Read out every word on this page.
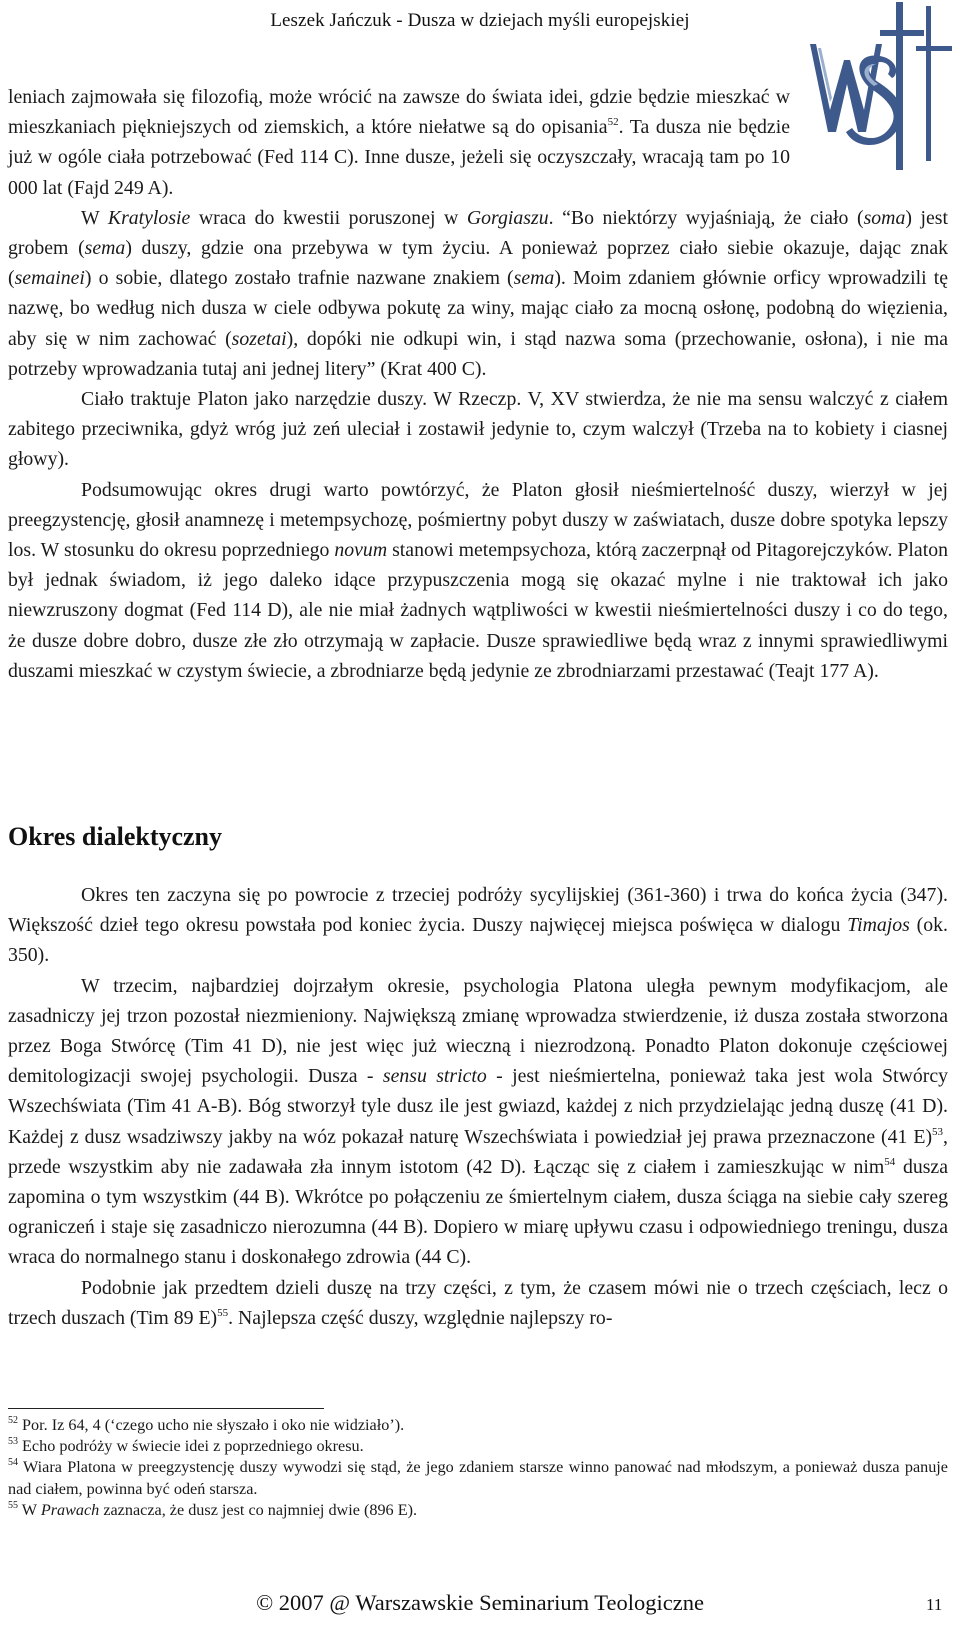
Leszek Jańczuk - Dusza w dziejach myśli europejskiej

leniach zajmowała się filozofią, może wrócić na zawsze do świata idei, gdzie będzie mieszkać w mieszkaniach piękniejszych od ziemskich, a które niełatwe są do opisania$^{52}$. Ta dusza nie będzie już w ogóle ciała potrzebować (Fed 114 C). Inne dusze, jeżeli się oczyszczały, wracają tam po 10 000 lat (Fajd 249 A).

W Kratylosie wraca do kwestii poruszonej w Gorgiaszu. “Bo niektórzy wyjaśniają, że ciało (soma) jest grobem (sema) duszy, gdzie ona przebywa w tym życiu. A ponieważ poprzez ciało siebie okazuje, dając znak (semainei) o sobie, dlatego zostało trafnie nazwane znakiem (sema). Moim zdaniem głównie orficy wprowadzili tę nazwę, bo według nich dusza w ciele odbywa pokutę za winy, mając ciało za mocną osłonę, podobną do więzienia, aby się w nim zachować (sozetai), dopóki nie odkupi win, i stąd nazwa soma (przechowanie, osłona), i nie ma potrzeby wprowadzania tutaj ani jednej litery” (Krat 400 C).

Ciało traktuje Platon jako narzędzie duszy. W Rzeczp. V, XV stwierdza, że nie ma sensu walczyć z ciałem zabitego przeciwnika, gdyż wróg już zeń uleciał i zostawił jedynie to, czym walczył (Trzeba na to kobiety i ciasnej głowy).

Podsumowując okres drugi warto powtórzyć, że Platon głosił nieśmiertelność duszy, wierzył w jej preegzystencję, głosił anamnezę i metempsychozę, pośmiertny pobyt duszy w zaświatach, dusze dobre spotyka lepszy los. W stosunku do okresu poprzedniego novum stanowi metempsychoza, którą zaczerpnął od Pitagorejczyków. Platon był jednak świadom, iż jego daleko idące przypuszczenia mogą się okazać mylne i nie traktował ich jako niewzruszony dogmat (Fed 114 D), ale nie miał żadnych wątpliwości w kwestii nieśmiertelności duszy i co do tego, że dusze dobre dobro, dusze złe zło otrzymają w zapłacie. Dusze sprawiedliwe będą wraz z innymi sprawiedliwymi duszami mieszkać w czystym świecie, a zbrodniarze będą jedynie ze zbrodniarzami przestawać (Teajt 177 A).

Okres dialektyczny

Okres ten zaczyna się po powrocie z trzeciej podróży sycylijskiej (361-360) i trwa do końca życia (347). Większość dzieł tego okresu powstała pod koniec życia. Duszy najwięcej miejsca poświęca w dialogu Timajos (ok. 350).

W trzecim, najbardziej dojrzałym okresie, psychologia Platona uległa pewnym modyfikacjom, ale zasadniczy jej trzon pozostał niezmieniony. Największą zmianę wprowadza stwierdzenie, iż dusza została stworzona przez Boga Stwórcę (Tim 41 D), nie jest więc już wieczną i niezrodzoną. Ponadto Platon dokonuje częściowej demitologizacji swojej psychologii. Dusza - sensu stricto - jest nieśmiertelna, ponieważ taka jest wola Stwórcy Wszechświata (Tim 41 A-B). Bóg stworzył tyle dusz ile jest gwiazd, każdej z nich przydzielając jedną duszę (41 D). Każdej z dusz wsadziwszy jakby na wóz pokazał naturę Wszechświata i powiedział jej prawa przeznaczone (41 E)$^{53}$, przede wszystkim aby nie zadawała zła innym istotom (42 D). Łącząc się z ciałem i zamieszkując w nim$^{54}$ dusza zapomina o tym wszystkim (44 B). Wkrótce po połączeniu ze śmiertelnym ciałem, dusza ściąga na siebie cały szereg ograniczeń i staje się zasadniczo nierozumna (44 B). Dopiero w miarę upływu czasu i odpowiedniego treningu, dusza wraca do normalnego stanu i doskonałego zdrowia (44 C).

Podobnie jak przedtem dzieli duszę na trzy części, z tym, że czasem mówi nie o trzech częściach, lecz o trzech duszach (Tim 89 E)$^{55}$. Najlepsza część duszy, względnie najlepszy ro-

$^{52}$ Por. Iz 64, 4 (‘czego ucho nie słyszało i oko nie widziało’).

$^{53}$ Echo podróży w świecie idei z poprzedniego okresu.

$^{54}$ Wiara Platona w preegzystencję duszy wywodzi się stąd, że jego zdaniem starsze winno panować nad młodszym, a ponieważ dusza panuje nad ciałem, powinna być odeń starsza.

$^{55}$ W Prawach zaznacza, że dusz jest co najmniej dwie (896 E).

© 2007 @ Warszawskie Seminarium Teologiczne	11
